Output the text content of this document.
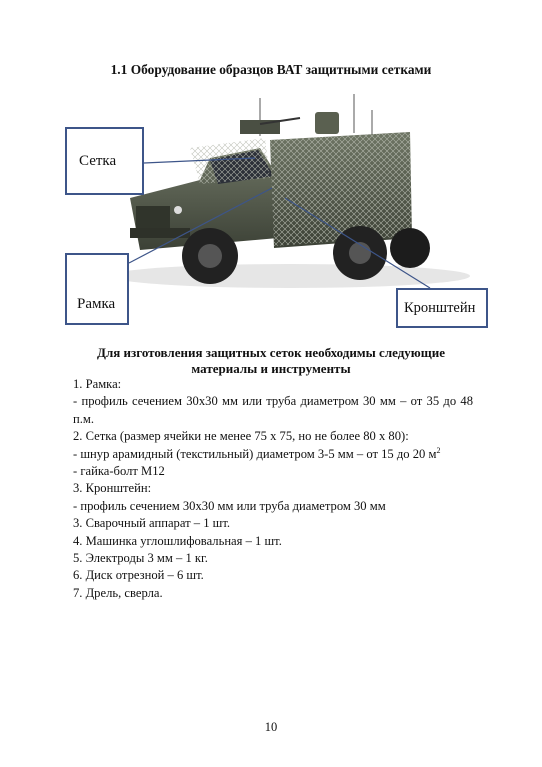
1.1 Оборудование образцов ВАТ защитными сетками
Сетка
Рамка	Кронштейн
Для изготовления защитных сеток необходимы следующие
материалы и инструменты
1. Рамка:
- профиль сечением 30х30 мм или труба диаметром 30 мм – от 35 до 48 п.м.
2. Сетка (размер ячейки не менее 75 х 75, но не более 80 х 80):
- шнур арамидный (текстильный) диаметром 3-5 мм – от 15 до 20 $м^2$
- гайка-болт М12
3. Кронштейн:
- профиль сечением 30х30 мм или труба диаметром 30 мм
3. Сварочный аппарат – 1 шт.
4. Машинка углошлифовальная – 1 шт.
5. Электроды 3 мм – 1 кг.
6. Диск отрезной – 6 шт.
7. Дрель, сверла.
10
